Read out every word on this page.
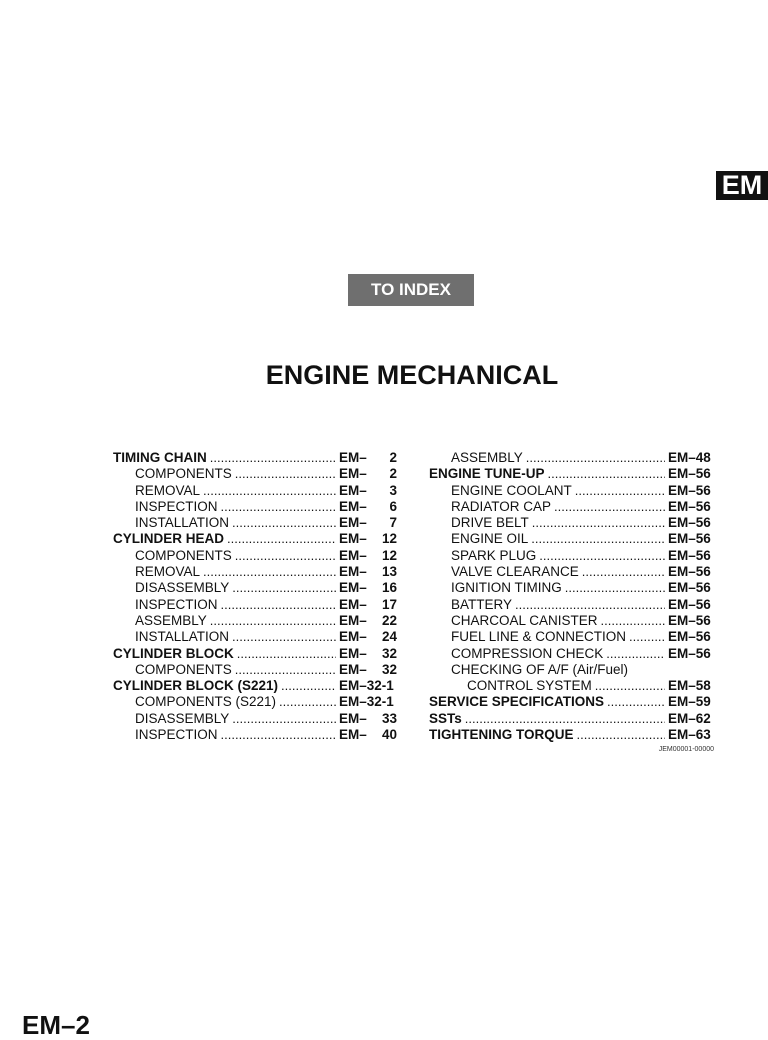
EM
TO INDEX
ENGINE MECHANICAL
TIMING CHAIN .....	EM– 2
COMPONENTS .....	EM– 2
REMOVAL .....	EM– 3
INSPECTION .....	EM– 6
INSTALLATION .....	EM– 7
CYLINDER HEAD .....	EM– 12
COMPONENTS .....	EM– 12
REMOVAL .....	EM– 13
DISASSEMBLY .....	EM– 16
INSPECTION .....	EM– 17
ASSEMBLY .....	EM– 22
INSTALLATION .....	EM– 24
CYLINDER BLOCK .....	EM– 32
COMPONENTS .....	EM– 32
CYLINDER BLOCK (S221) .....	EM–32-1
COMPONENTS (S221) .....	EM–32-1
DISASSEMBLY .....	EM– 33
INSPECTION .....	EM– 40
ASSEMBLY .....	EM–48
ENGINE TUNE-UP .....	EM–56
ENGINE COOLANT .....	EM–56
RADIATOR CAP .....	EM–56
DRIVE BELT .....	EM–56
ENGINE OIL .....	EM–56
SPARK PLUG .....	EM–56
VALVE CLEARANCE .....	EM–56
IGNITION TIMING .....	EM–56
BATTERY .....	EM–56
CHARCOAL CANISTER .....	EM–56
FUEL LINE & CONNECTION .....	EM–56
COMPRESSION CHECK .....	EM–56
CHECKING OF A/F (Air/Fuel)
CONTROL SYSTEM .....	EM–58
SERVICE SPECIFICATIONS .....	EM–59
SSTs .....	EM–62
TIGHTENING TORQUE .....	EM–63
JEM00001-00000
EM–2
